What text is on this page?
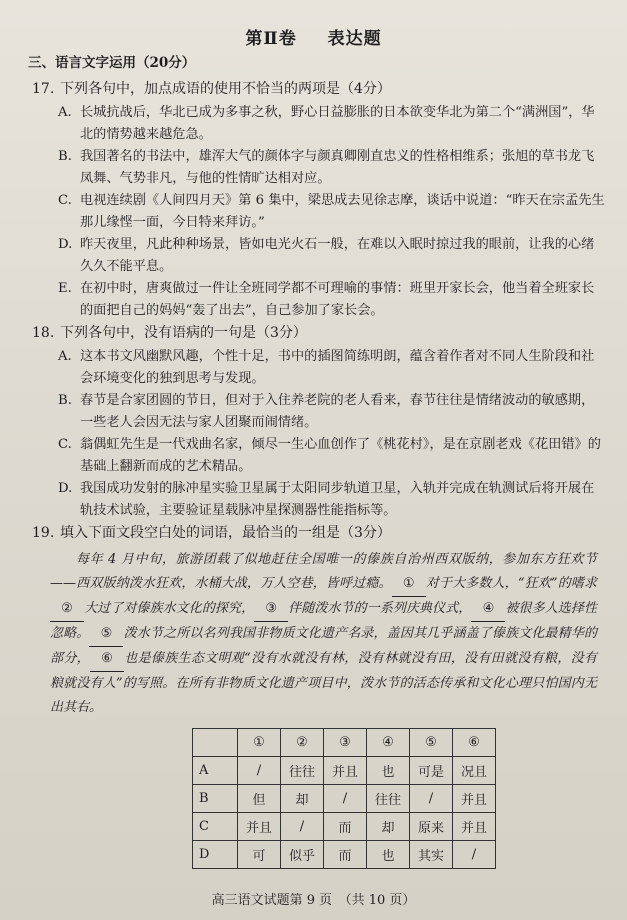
第Ⅱ卷 表达题
三、语言文字运用（20分）
17. 下列各句中，加点成语的使用不恰当的两项是（4分）
A. 长城抗战后，华北已成为多事之秋，野心日益膨胀的日本欲变华北为第二个“满洲国”，华北的情势越来越危急。
B. 我国著名的书法中，雄浑大气的颜体字与颜真卿刚直忠义的性格相维系；张旭的草书龙飞凤舞、气势非凡，与他的性情旷达相对应。
C. 电视连续剧《人间四月天》第 6 集中，梁思成去见徐志摩，谈话中说道：“昨天在宗孟先生那儿缘悭一面，今日特来拜访。”
D. 昨天夜里，凡此种种场景，皆如电光火石一般，在难以入眠时掠过我的眼前，让我的心绪久久不能平息。
E. 在初中时，唐爽做过一件让全班同学都不可理喻的事情：班里开家长会，他当着全班家长的面把自己的妈妈“轰了出去”，自己参加了家长会。
18. 下列各句中，没有语病的一句是（3分）
A. 这本书文风幽默风趣，个性十足，书中的插图简练明朗，蕴含着作者对不同人生阶段和社会环境变化的独到思考与发现。
B. 春节是合家团圆的节日，但对于入住养老院的老人看来，春节往往是情绪波动的敏感期，一些老人会因无法与家人团聚而闹情绪。
C. 翁偶虹先生是一代戏曲名家，倾尽一生心血创作了《桃花村》，是在京剧老戏《花田错》的基础上翻新而成的艺术精品。
D. 我国成功发射的脉冲星实验卫星属于太阳同步轨道卫星，入轨并完成在轨测试后将开展在轨技术试验，主要验证星载脉冲星探测器性能指标等。
19. 填入下面文段空白处的词语，最恰当的一组是（3分）
每年 4 月中旬，旅游团载了似地赶往全国唯一的傣族自治州西双版纳，参加东方狂欢节——西双版纳泼水狂欢，水桶大战，万人空巷，皆呼过瘾。 ① 对于大多数人，“狂欢”的嗜求② 大过了对傣族水文化的探究， ③ 伴随泼水节的一系列庆典仪式， ④ 被很多人选择性忽略。 ⑤ 泼水节之所以名列我国非物质文化遗产名录，盖因其几乎涵盖了傣族文化最精华的部分， ⑥ 也是傣族生态文明观“没有水就没有林，没有林就没有田，没有田就没有粮，没有粮就没有人”的写照。在所有非物质文化遗产项目中，泼水节的活态传承和文化心理只怕国内无出其右。
	①	②	③	④	⑤	⑥
A	/	往往	并且	也	可是	况且
B	但	却	/	往往	/	并且
C	并且	/	而	却	原来	并且
D	可	似乎	而	也	其实	/
高三语文试题第 9 页　（共 10 页）
